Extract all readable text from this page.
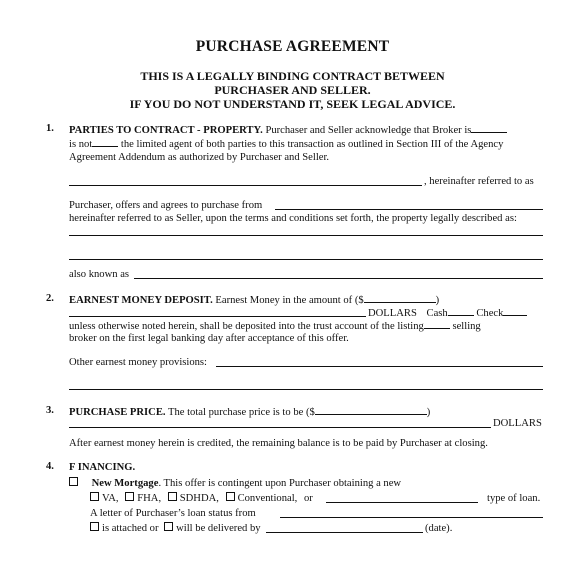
PURCHASE AGREEMENT
THIS IS A LEGALLY BINDING CONTRACT BETWEEN
PURCHASER AND SELLER.
IF YOU DO NOT UNDERSTAND IT, SEEK LEGAL ADVICE.
1. PARTIES TO CONTRACT - PROPERTY. Purchaser and Seller acknowledge that Broker is
is not	the limited agent of both parties to this transaction as outlined in Section III of the Agency
Agreement Addendum as authorized by Purchaser and Seller.
, hereinafter referred to as
Purchaser, offers and agrees to purchase from
hereinafter referred to as Seller, upon the terms and conditions set forth, the property legally described as:
also known as
2. EARNEST MONEY DEPOSIT. Earnest Money in the amount of ($	)
DOLLARS Cash	Check
unless otherwise noted herein, shall be deposited into the trust account of the listing	selling
broker on the first legal banking day after acceptance of this offer.
Other earnest money provisions:
3. PURCHASE PRICE. The total purchase price is to be ($	)
DOLLARS
After earnest money herein is credited, the remaining balance is to be paid by Purchaser at closing.
4. F INANCING.
New Mortgage. This offer is contingent upon Purchaser obtaining a new
VA, FHA, SDHDA, Conventional, or	type of loan.
A letter of Purchaser’s loan status from
is attached or will be delivered by	(date).
